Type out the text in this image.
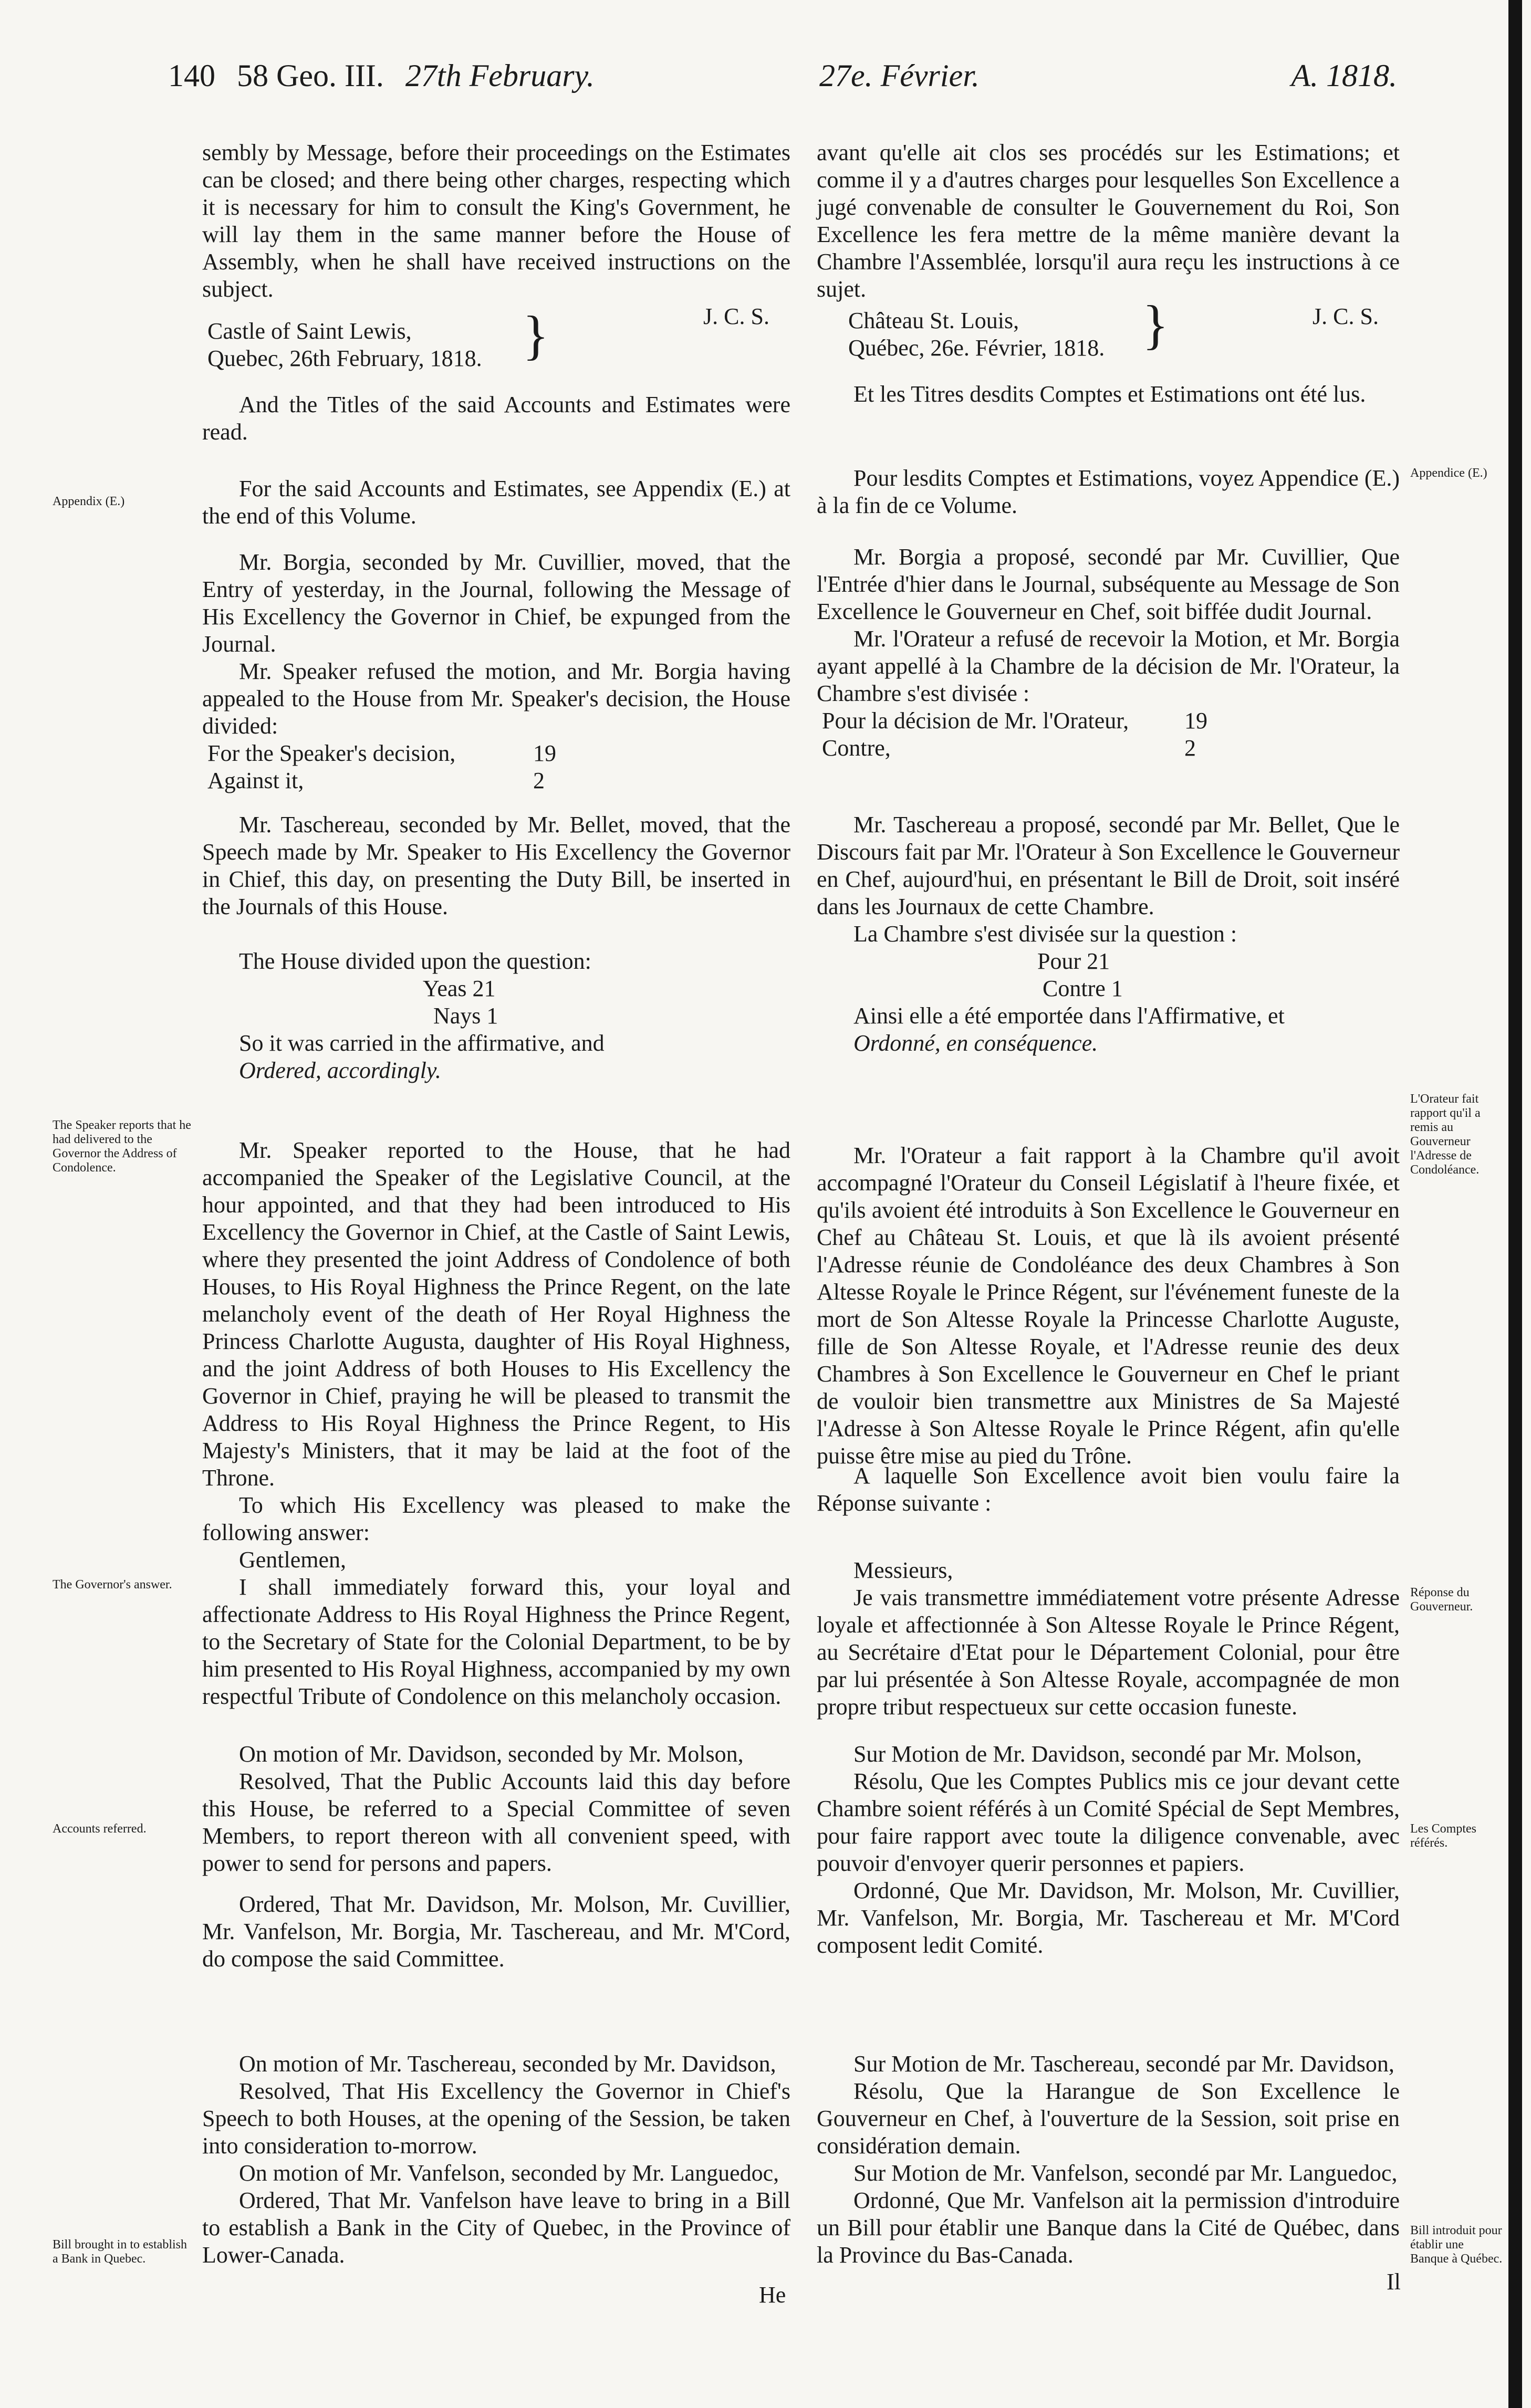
140 58 Geo. III. 27th February.	27e. Février.	A. 1818.
Appendix (E.)
The Speaker reports that he had delivered to the Governor the Address of Condolence.
The Governor's answer.
Accounts referred.
Bill brought in to establish a Bank in Quebec.
Appendice (E.)
L'Orateur fait rapport qu'il a remis au Gouverneur l'Adresse de Condoléance.
Réponse du Gouverneur.
Les Comptes référés.
Bill introduit pour établir une Banque à Québec.

sembly by Message, before their proceedings on the Estimates can be closed; and there being other charges, respecting which it is necessary for him to consult the King's Government, he will lay them in the same manner before the House of Assembly, when he shall have received instructions on the subject.

J. C. S.

Castle of Saint Lewis,

Quebec, 26th February, 1818. }

And the Titles of the said Accounts and Estimates were read.

For the said Accounts and Estimates, see Appendix (E.) at the end of this Volume.

Mr. Borgia, seconded by Mr. Cuvillier, moved, that the Entry of yesterday, in the Journal, following the Message of His Excellency the Governor in Chief, be expunged from the Journal.

Mr. Speaker refused the motion, and Mr. Borgia having appealed to the House from Mr. Speaker's decision, the House divided:

For the Speaker's decision,	19
Against it,	2

Mr. Taschereau, seconded by Mr. Bellet, moved, that the Speech made by Mr. Speaker to His Excellency the Governor in Chief, this day, on presenting the Duty Bill, be inserted in the Journals of this House.

The House divided upon the question:

Yeas 21

Nays 1

So it was carried in the affirmative, and

Ordered, accordingly.

Mr. Speaker reported to the House, that he had accompanied the Speaker of the Legislative Council, at the hour appointed, and that they had been introduced to His Excellency the Governor in Chief, at the Castle of Saint Lewis, where they presented the joint Address of Condolence of both Houses, to His Royal Highness the Prince Regent, on the late melancholy event of the death of Her Royal Highness the Princess Charlotte Augusta, daughter of His Royal Highness, and the joint Address of both Houses to His Excellency the Governor in Chief, praying he will be pleased to transmit the Address to His Royal Highness the Prince Regent, to His Majesty's Ministers, that it may be laid at the foot of the Throne.

To which His Excellency was pleased to make the following answer:

Gentlemen,

I shall immediately forward this, your loyal and affectionate Address to His Royal Highness the Prince Regent, to the Secretary of State for the Colonial Department, to be by him presented to His Royal Highness, accompanied by my own respectful Tribute of Condolence on this melancholy occasion.

On motion of Mr. Davidson, seconded by Mr. Molson,

Resolved, That the Public Accounts laid this day before this House, be referred to a Special Committee of seven Members, to report thereon with all convenient speed, with power to send for persons and papers.

Ordered, That Mr. Davidson, Mr. Molson, Mr. Cuvillier, Mr. Vanfelson, Mr. Borgia, Mr. Taschereau, and Mr. M'Cord, do compose the said Committee.

On motion of Mr. Taschereau, seconded by Mr. Davidson,

Resolved, That His Excellency the Governor in Chief's Speech to both Houses, at the opening of the Session, be taken into consideration to-morrow.

On motion of Mr. Vanfelson, seconded by Mr. Languedoc,

Ordered, That Mr. Vanfelson have leave to bring in a Bill to establish a Bank in the City of Quebec, in the Province of Lower-Canada.

avant qu'elle ait clos ses procédés sur les Estimations; et comme il y a d'autres charges pour lesquelles Son Excellence a jugé convenable de consulter le Gouvernement du Roi, Son Excellence les fera mettre de la même manière devant la Chambre l'Assemblée, lorsqu'il aura reçu les instructions à ce sujet.

J. C. S.

Château St. Louis,

Québec, 26e. Février, 1818. }

Et les Titres desdits Comptes et Estimations ont été lus.

Pour lesdits Comptes et Estimations, voyez Appendice (E.) à la fin de ce Volume.

Mr. Borgia a proposé, secondé par Mr. Cuvillier, Que l'Entrée d'hier dans le Journal, subséquente au Message de Son Excellence le Gouverneur en Chef, soit biffée dudit Journal.

Mr. l'Orateur a refusé de recevoir la Motion, et Mr. Borgia ayant appellé à la Chambre de la décision de Mr. l'Orateur, la Chambre s'est divisée :

Pour la décision de Mr. l'Orateur,	19
Contre,	2

Mr. Taschereau a proposé, secondé par Mr. Bellet, Que le Discours fait par Mr. l'Orateur à Son Excellence le Gouverneur en Chef, aujourd'hui, en présentant le Bill de Droit, soit inséré dans les Journaux de cette Chambre.

La Chambre s'est divisée sur la question :

Pour 21

Contre 1

Ainsi elle a été emportée dans l'Affirmative, et

Ordonné, en conséquence.

Mr. l'Orateur a fait rapport à la Chambre qu'il avoit accompagné l'Orateur du Conseil Législatif à l'heure fixée, et qu'ils avoient été introduits à Son Excellence le Gouverneur en Chef au Château St. Louis, et que là ils avoient présenté l'Adresse réunie de Condoléance des deux Chambres à Son Altesse Royale le Prince Régent, sur l'événement funeste de la mort de Son Altesse Royale la Princesse Charlotte Auguste, fille de Son Altesse Royale, et l'Adresse reunie des deux Chambres à Son Excellence le Gouverneur en Chef le priant de vouloir bien transmettre aux Ministres de Sa Majesté l'Adresse à Son Altesse Royale le Prince Régent, afin qu'elle puisse être mise au pied du Trône.

A laquelle Son Excellence avoit bien voulu faire la Réponse suivante :

Messieurs,

Je vais transmettre immédiatement votre présente Adresse loyale et affectionnée à Son Altesse Royale le Prince Régent, au Secrétaire d'Etat pour le Département Colonial, pour être par lui présentée à Son Altesse Royale, accompagnée de mon propre tribut respectueux sur cette occasion funeste.

Sur Motion de Mr. Davidson, secondé par Mr. Molson,

Résolu, Que les Comptes Publics mis ce jour devant cette Chambre soient référés à un Comité Spécial de Sept Membres, pour faire rapport avec toute la diligence convenable, avec pouvoir d'envoyer querir personnes et papiers.

Ordonné, Que Mr. Davidson, Mr. Molson, Mr. Cuvillier, Mr. Vanfelson, Mr. Borgia, Mr. Taschereau et Mr. M'Cord composent ledit Comité.

Sur Motion de Mr. Taschereau, secondé par Mr. Davidson,

Résolu, Que la Harangue de Son Excellence le Gouverneur en Chef, à l'ouverture de la Session, soit prise en considération demain.

Sur Motion de Mr. Vanfelson, secondé par Mr. Languedoc,

Ordonné, Que Mr. Vanfelson ait la permission d'introduire un Bill pour établir une Banque dans la Cité de Québec, dans la Province du Bas-Canada.

He
Il
